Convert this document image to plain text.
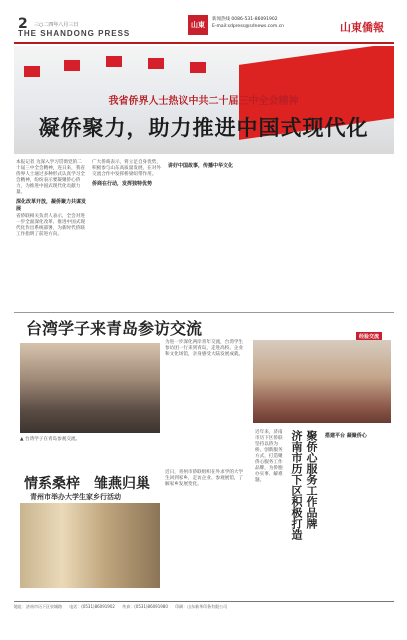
2 三○二四年八月三日
THE SHANDONG PRESS
山東
新闻热线 0086-531-86091902
E-mail:sdpress@sdnews.com.cn	山東僑報
我省侨界人士热议中共二十届三中全会精神
凝侨聚力，助力推进中国式现代化
本报记者 为深入学习贯彻党的二十届三中全会精神，连日来，我省侨界人士通过多种形式认真学习全会精神，纷纷表示要凝聚侨心侨力，为推进中国式现代化贡献力量。
深化改革开放，凝侨聚力共谋发展
省侨联相关负责人表示，全会对进一步全面深化改革、推进中国式现代化作出系统部署，为新时代侨联工作指明了前进方向。
广大侨商表示，将立足自身优势，积极参与山东高质量发展，在对外交流合作中发挥桥梁纽带作用。
侨商在行动，发挥独特优势
讲好中国故事，传播中华文化
台湾学子来青岛参访交流
▲ 台湾学子在青岛参观交流。
为进一步深化两岸青年交流，台湾学生参访团一行来到青岛，走进高校、企业和文化场馆，亲身感受大陆发展成就。
情系桑梓　雏燕归巢
青州市举办大学生家乡行活动
近日，青州市侨联组织在外求学的大学生回到家乡，走访企业、参观展馆，了解家乡发展变化。
经验交流
济南市历下区积极打造 聚侨心服务工作品牌
近年来，济南市历下区侨联坚持以侨为桥，创新服务方式，打造聚侨心服务工作品牌，为侨胞办实事、解难题。
搭建平台 凝聚侨心
地址：济南市历下区泉城路 电话：(0531)86091902 传真：(0531)86091980 印刷：山东新华印务有限公司
